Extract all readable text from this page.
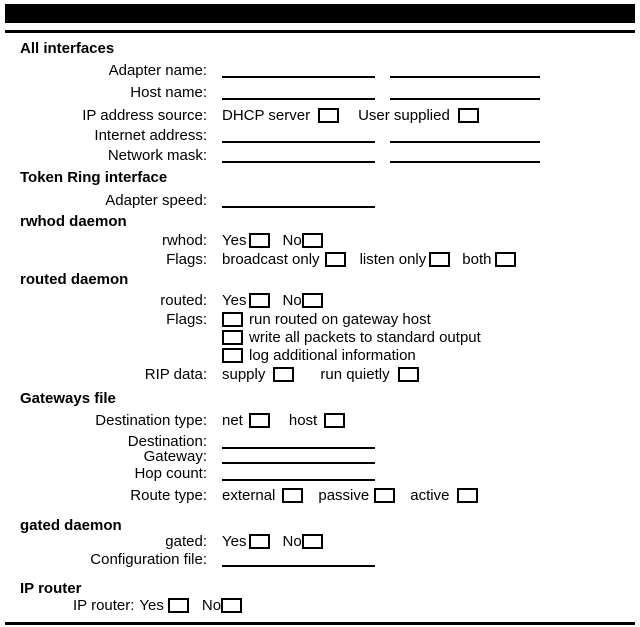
All interfaces
Adapter name:
Host name:
IP address source: DHCP server	User supplied
Internet address:
Network mask:
Token Ring interface
Adapter speed:
rwhod daemon
rwhod: Yes No
Flags: broadcast only	listen only both
routed daemon
routed: Yes No
Flags:	run routed on gateway host
write all packets to standard output
log additional information
RIP data: supply	run quietly
Gateways file
Destination type: net	host
Destination:
Gateway:
Hop count:
Route type: external	passive	active
gated daemon
gated: Yes No
Configuration file:
IP router
IP router: Yes	No
